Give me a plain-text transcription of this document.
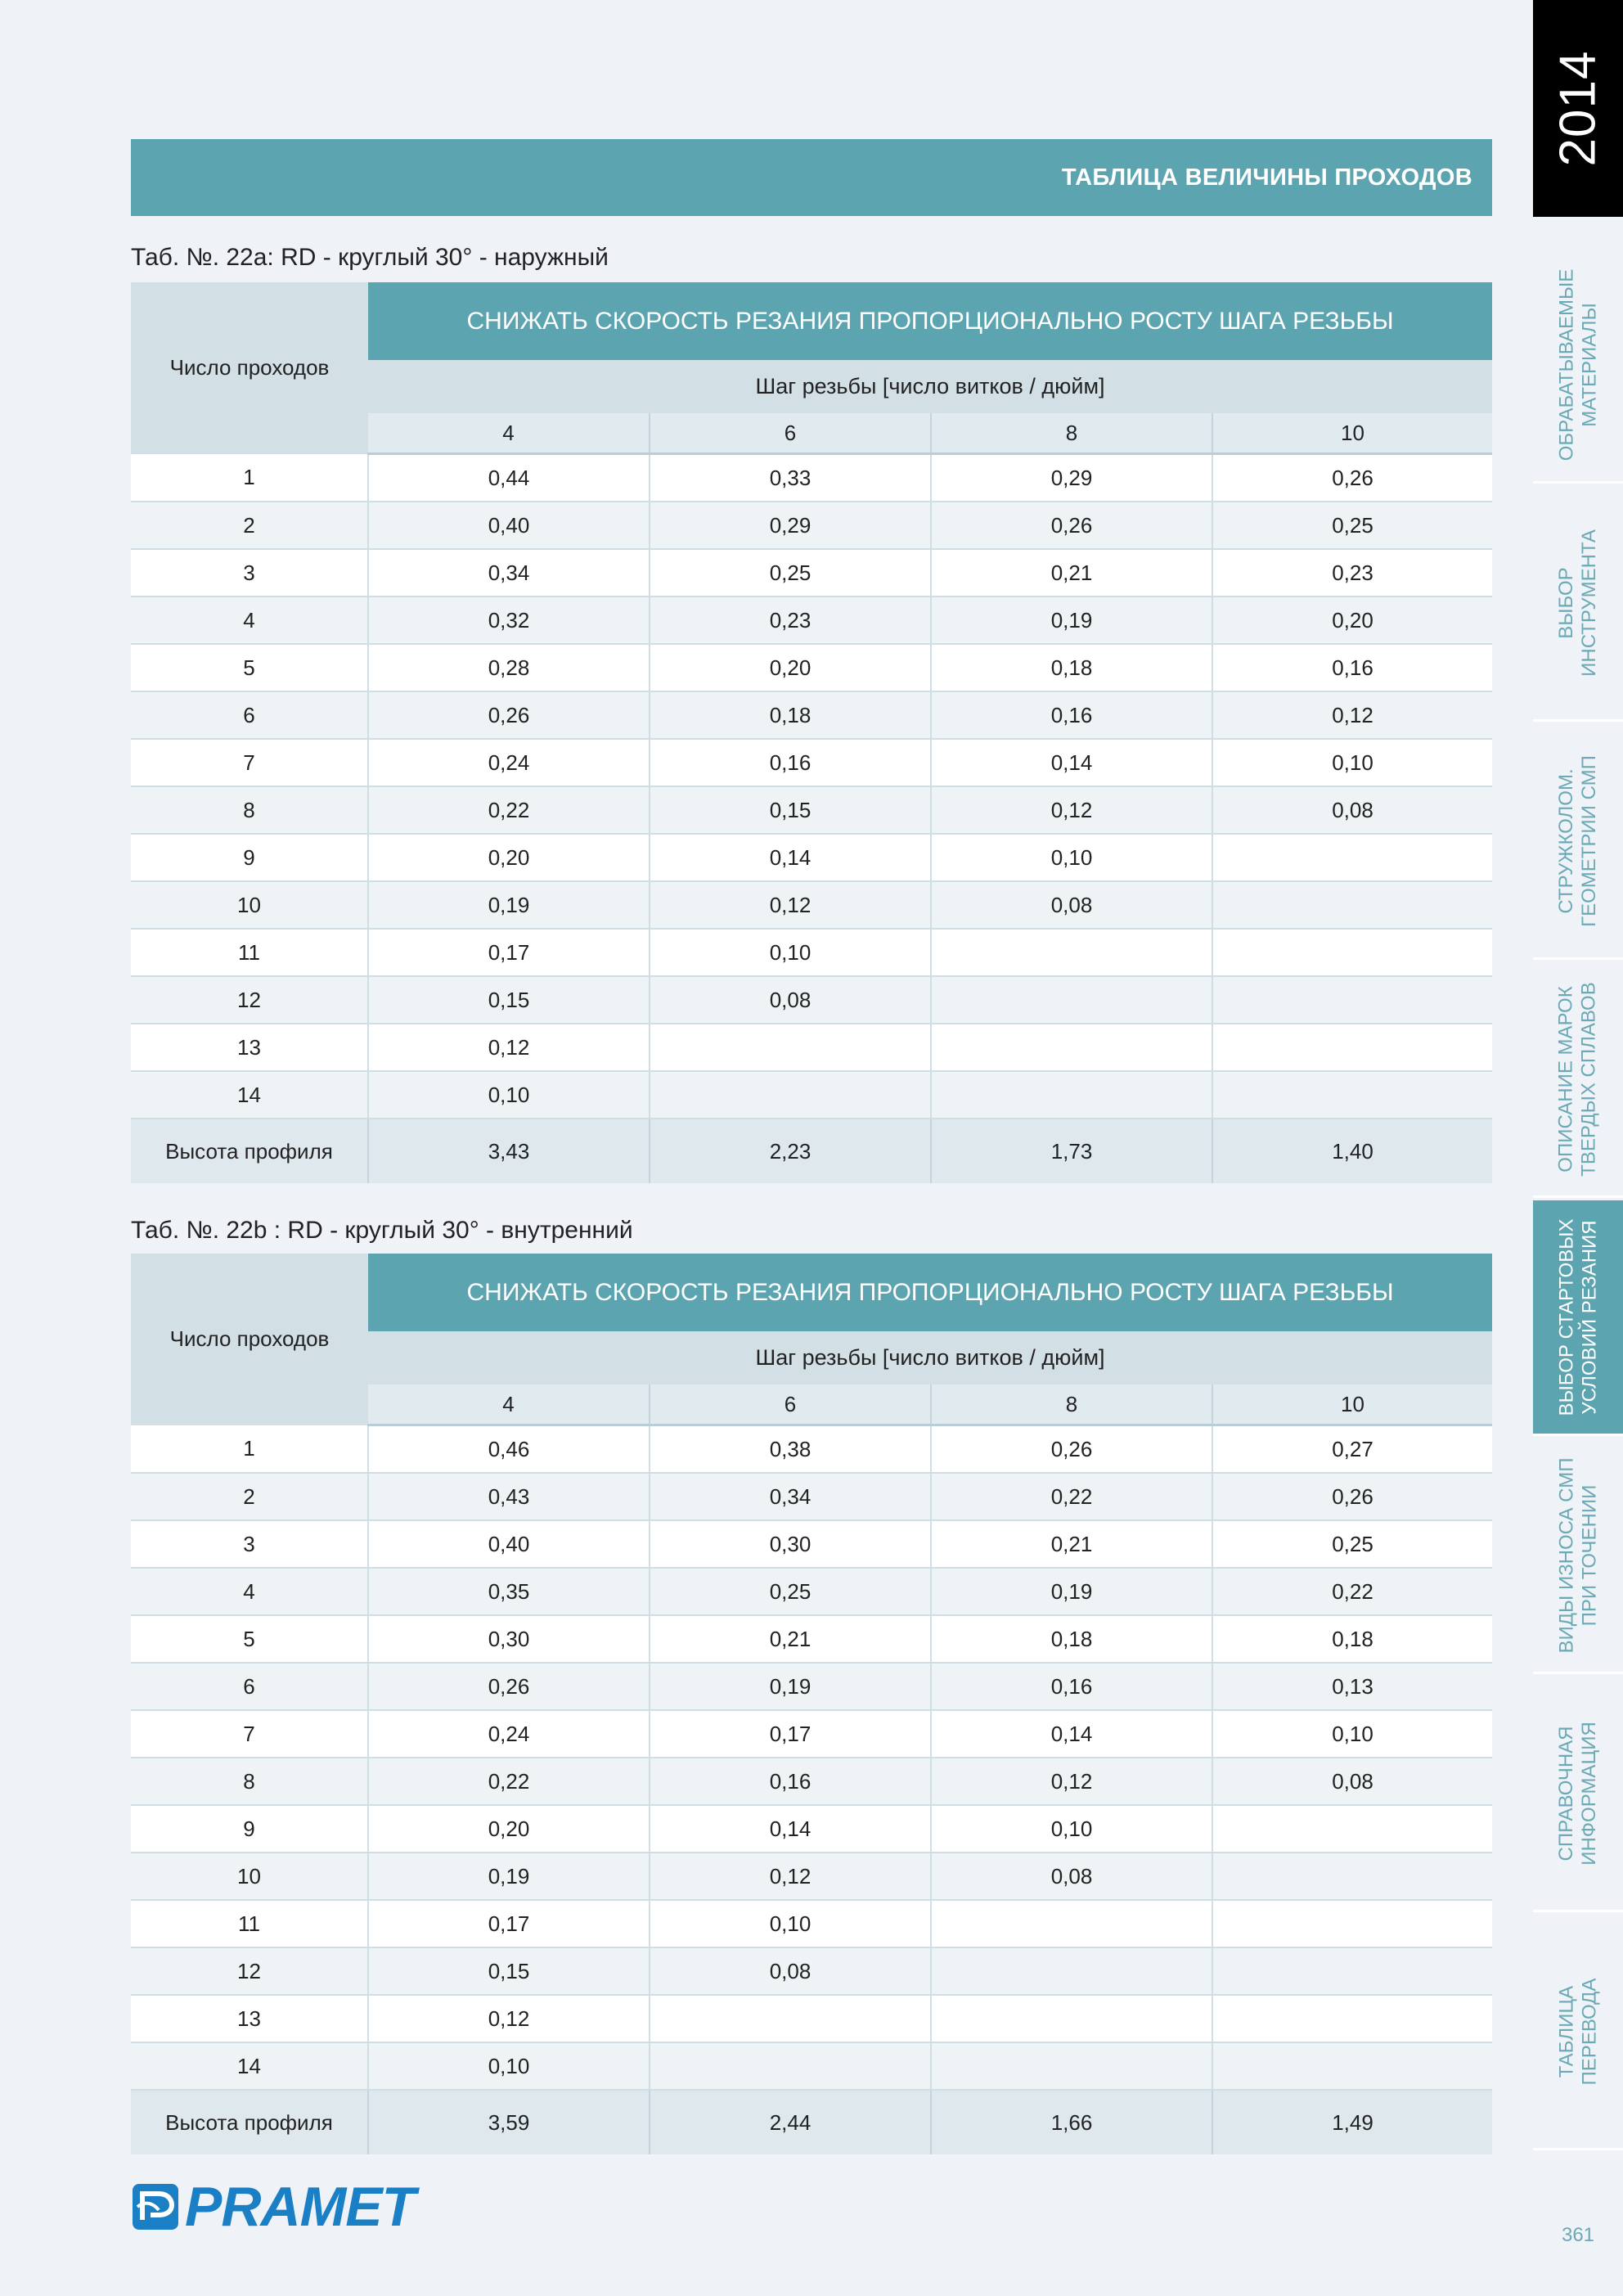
ТАБЛИЦА ВЕЛИЧИНЫ ПРОХОДОВ
Таб. №. 22a: RD - круглый 30° - наружный
Число проходов	СНИЖАТЬ СКОРОСТЬ РЕЗАНИЯ ПРОПОРЦИОНАЛЬНО РОСТУ ШАГА РЕЗЬБЫ			
	Шаг резьбы [число витков / дюйм]			
	4	6	8	10
1	0,44	0,33	0,29	0,26
2	0,40	0,29	0,26	0,25
3	0,34	0,25	0,21	0,23
4	0,32	0,23	0,19	0,20
5	0,28	0,20	0,18	0,16
6	0,26	0,18	0,16	0,12
7	0,24	0,16	0,14	0,10
8	0,22	0,15	0,12	0,08
9	0,20	0,14	0,10	
10	0,19	0,12	0,08	
11	0,17	0,10		
12	0,15	0,08		
13	0,12			
14	0,10			
Высота профиля	3,43	2,23	1,73	1,40
Таб. №. 22b : RD - круглый 30° - внутренний
Число проходов	СНИЖАТЬ СКОРОСТЬ РЕЗАНИЯ ПРОПОРЦИОНАЛЬНО РОСТУ ШАГА РЕЗЬБЫ			
	Шаг резьбы [число витков / дюйм]			
	4	6	8	10
1	0,46	0,38	0,26	0,27
2	0,43	0,34	0,22	0,26
3	0,40	0,30	0,21	0,25
4	0,35	0,25	0,19	0,22
5	0,30	0,21	0,18	0,18
6	0,26	0,19	0,16	0,13
7	0,24	0,17	0,14	0,10
8	0,22	0,16	0,12	0,08
9	0,20	0,14	0,10	
10	0,19	0,12	0,08	
11	0,17	0,10		
12	0,15	0,08		
13	0,12			
14	0,10			
Высота профиля	3,59	2,44	1,66	1,49
PRAMET
2014
ОБРАБАТЫВАЕМЫЕ МАТЕРИАЛЫ
ВЫБОР ИНСТРУМЕНТА
СТРУЖКОЛОМ. ГЕОМЕТРИИ СМП
ОПИСАНИЕ МАРОК ТВЕРДЫХ СПЛАВОВ
ВЫБОР СТАРТОВЫХ УСЛОВИЙ РЕЗАНИЯ
ВИДЫ ИЗНОСА СМП ПРИ ТОЧЕНИИ
СПРАВОЧНАЯ ИНФОРМАЦИЯ
ТАБЛИЦА ПЕРЕВОДА
361
